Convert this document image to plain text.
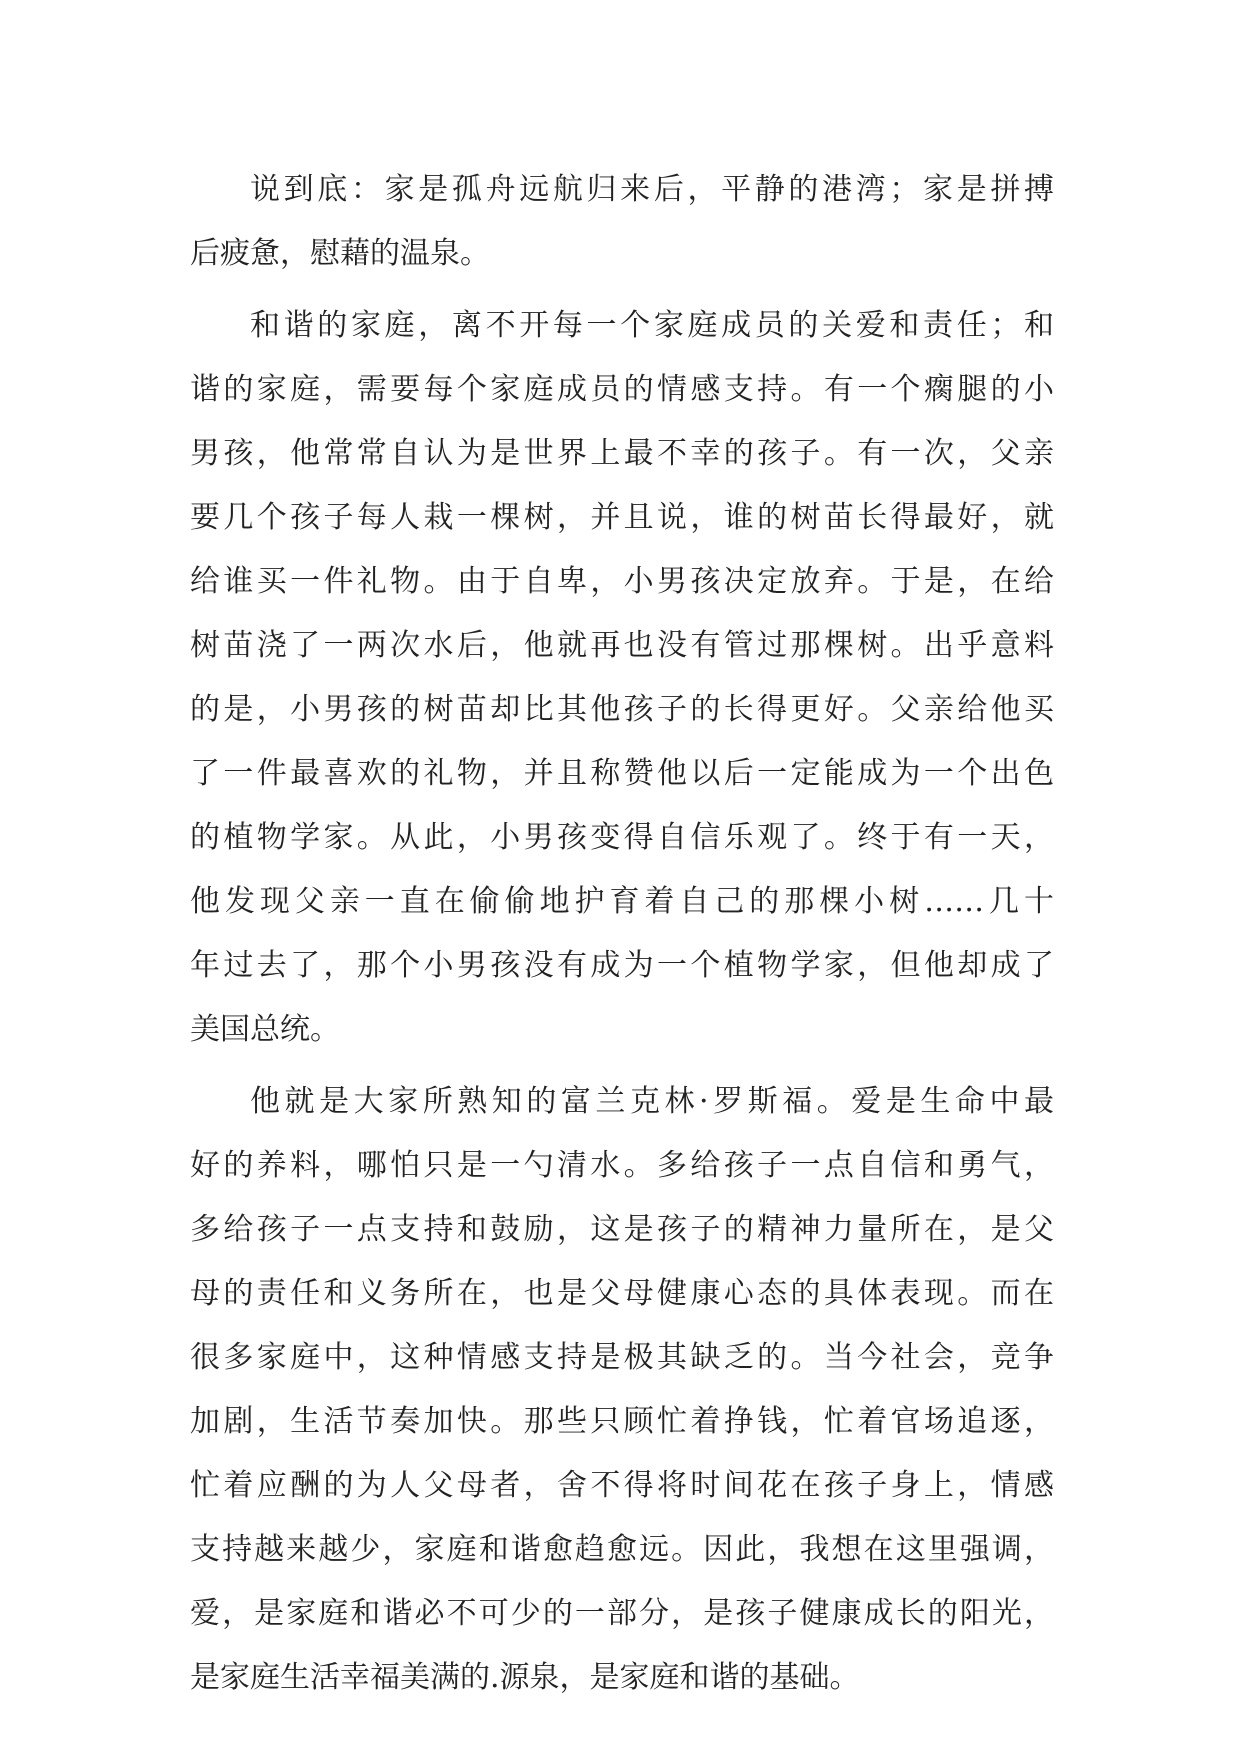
说到底：家是孤舟远航归来后，平静的港湾；家是拼搏
后疲惫，慰藉的温泉。
和谐的家庭，离不开每一个家庭成员的关爱和责任；和
谐的家庭，需要每个家庭成员的情感支持。有一个瘸腿的小
男孩，他常常自认为是世界上最不幸的孩子。有一次，父亲
要几个孩子每人栽一棵树，并且说，谁的树苗长得最好，就
给谁买一件礼物。由于自卑，小男孩决定放弃。于是，在给
树苗浇了一两次水后，他就再也没有管过那棵树。出乎意料
的是，小男孩的树苗却比其他孩子的长得更好。父亲给他买
了一件最喜欢的礼物，并且称赞他以后一定能成为一个出色
的植物学家。从此，小男孩变得自信乐观了。终于有一天，
他发现父亲一直在偷偷地护育着自己的那棵小树……几十
年过去了，那个小男孩没有成为一个植物学家，但他却成了
美国总统。
他就是大家所熟知的富兰克林·罗斯福。爱是生命中最
好的养料，哪怕只是一勺清水。多给孩子一点自信和勇气，
多给孩子一点支持和鼓励，这是孩子的精神力量所在，是父
母的责任和义务所在，也是父母健康心态的具体表现。而在
很多家庭中，这种情感支持是极其缺乏的。当今社会，竞争
加剧，生活节奏加快。那些只顾忙着挣钱，忙着官场追逐，
忙着应酬的为人父母者，舍不得将时间花在孩子身上，情感
支持越来越少，家庭和谐愈趋愈远。因此，我想在这里强调，
爱，是家庭和谐必不可少的一部分，是孩子健康成长的阳光，
是家庭生活幸福美满的.源泉，是家庭和谐的基础。
